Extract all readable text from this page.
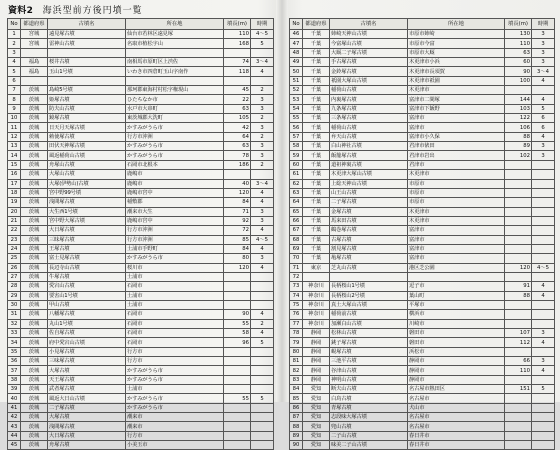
資料2 海浜型前方後円墳一覧
No	都道府県	古墳名	所在地	墳長(m)	時期
1	宮城	遠見塚古墳	仙台市若林区遠見塚	110	4～5
2	宮城	雷神山古墳	名取市植松字山	168	5
3					
4	福島	桜井古墳	南相馬市原町区上渋佐	74	3～4
5	福島	玉山1号墳	いわき市四倉町玉山字南作	118	4
6					
7	茨城	島崎5号墳	那珂郡東海村村松字権現山	45	2
8	茨城	姫塚古墳	ひたちなか市	22	3
9	茨城	防夫山古墳	水戸市大串町	63	3
10	茨城	鏡塚古墳	東茨城郡大洗町	105	2
11	茨城	日天月天塚古墳	かすみがうら市	42	3
12	茨城	勅使塚古墳	行方市沖洲	64	2
13	茨城	田伏天神塚古墳	かすみがうら市	63	3
14	茨城	風返稲荷山古墳	かすみがうら市	78	3
15	茨城	舟塚山古墳	石岡市北根本	186	2
16	茨城	大塚山古墳	鹿嶋市		
17	茨城	大塚(伊勢山)古墳	鹿嶋市	40	3～4
18	茨城	宮中野99号墳	鹿嶋市宮中	120	4
19	茨城	浅間塚古墳	稲敷郡	84	4
20	茨城	大生西1号墳	潮来市大生	71	3
21	茨城	宮中野大塚古墳	鹿嶋市宮中	92	3
22	茨城	大日塚古墳	行方市沖洲	72	4
23	茨城	三昧塚古墳	行方市沖洲	85	4～5
24	茨城	王塚古墳	土浦市手野町	84	4
25	茨城	富士見塚古墳	かすみがうら市	80	3
26	茨城	長辺寺山古墳	桜川市	120	4
27	茨城	牛塚古墳	土浦市		
28	茨城	愛宕山古墳	石岡市		
29	茨城	要害山1号墳	土浦市		
30	茨城	甲山古墳	土浦市		
31	茨城	八幡塚古墳	石岡市	90	4
32	茨城	丸山1号墳	石岡市	55	2
33	茨城	佐自塚古墳	石岡市	58	4
34	茨城	府中愛宕山古墳	石岡市	96	5
35	茨城	小見塚古墳	行方市		
36	茨城	三味塚古墳	行方市		
37	茨城	大塚古墳	かすみがうら市		
38	茨城	天王塚古墳	かすみがうら市		
39	茨城	武者塚古墳	土浦市		
40	茨城	風返大日山古墳	かすみがうら市	55	5
41	茨城	二子塚古墳	かすみがうら市		
42	茨城	大塚古墳	潮来市		
43	茨城	浅間塚古墳	潮来市		
44	茨城	大日塚古墳	行方市		
45	茨城	舟塚古墳	小美玉市		
No	都道府県	古墳名	所在地	墳長(m)	時期
46	千葉	姉崎天神山古墳	市原市姉崎	130	3
47	千葉	今富塚山古墳	市原市今富	110	3
48	千葉	大厩二子塚古墳	市原市大厩	63	3
49	千葉	手古塚古墳	木更津市小浜	60	3
50	千葉	金鈴塚古墳	木更津市長須賀	90	3～4
51	千葉	祇園大塚山古墳	木更津市祇園	100	4
52	千葉	稲荷山古墳	木更津市		
53	千葉	内裏塚古墳	富津市二間塚	144	4
54	千葉	九条塚古墳	富津市下飯野	103	5
55	千葉	三条塚古墳	富津市	122	6
56	千葉	稲荷山古墳	富津市	106	6
57	千葉	弁天山古墳	富津市小久保	88	4
58	千葉	白山神社古墳	君津市俵田	89	3
59	千葉	飯籠塚古墳	君津市岩出	102	3
60	千葉	道祖神裏古墳	君津市		
61	千葉	木更津大塚山古墳	木更津市		
62	千葉	上総天神山古墳	市原市		
63	千葉	山王山古墳	市原市		
64	千葉	二子塚古墳	市原市		
65	千葉	金塚古墳	木更津市		
66	千葉	馬来田古墳	木更津市		
67	千葉	鶴巻塚古墳	富津市		
68	千葉	古塚古墳	富津市		
69	千葉	割見塚古墳	富津市		
70	千葉	亀塚古墳	富津市		
71	東京	芝丸山古墳	港区芝公園	120	4～5
72					
73	神奈川	長柄桜山1号墳	逗子市	91	4
74	神奈川	長柄桜山2号墳	葉山町	88	4
75	神奈川	真土大塚山古墳	平塚市		
76	神奈川	稲荷前古墳	横浜市		
77	神奈川	加瀬白山古墳	川崎市		
78	静岡	松林山古墳	磐田市	107	3
79	静岡	銚子塚古墳	磐田市	112	4
80	静岡	蜆塚古墳	浜松市		
81	静岡	三池平古墳	静岡市	66	3
82	静岡	谷津山古墳	静岡市	110	4
83	静岡	神明山古墳	静岡市		
84	愛知	断夫山古墳	名古屋市熱田区	151	5
85	愛知	白鳥古墳	名古屋市		
86	愛知	青塚古墳	犬山市		
87	愛知	志段味大塚古墳	名古屋市		
88	愛知	兜山古墳	名古屋市		
89	愛知	二子山古墳	春日井市		
90	愛知	味美二子山古墳	春日井市		
